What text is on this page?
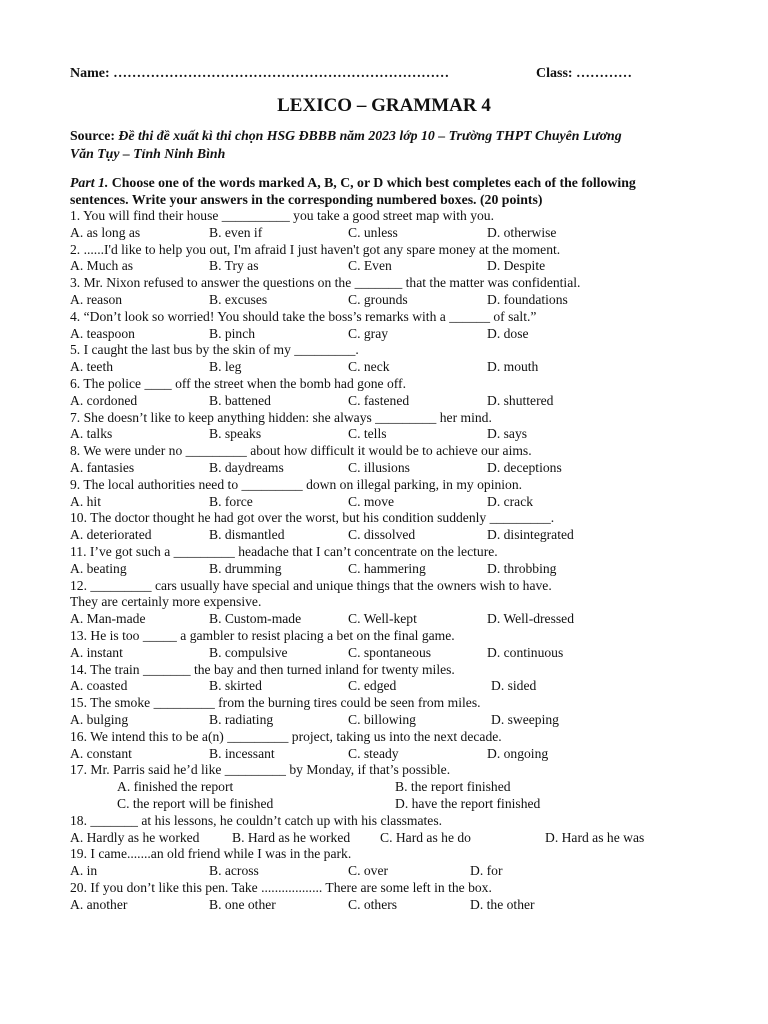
Name: ………………………………………………………………	Class: …………
LEXICO – GRAMMAR 4
Source: Đề thi đề xuất kì thi chọn HSG ĐBBB năm 2023 lớp 10 – Trường THPT Chuyên Lương
Văn Tụy – Tỉnh Ninh Bình
Part 1. Choose one of the words marked A, B, C, or D which best completes each of the following
sentences. Write your answers in the corresponding numbered boxes. (20 points)
1. You will find their house __________ you take a good street map with you.
A. as long as	B. even if	C. unless	D. otherwise
2. ......I'd like to help you out, I'm afraid I just haven't got any spare money at the moment.
A. Much as	B. Try as	C. Even	D. Despite
3. Mr. Nixon refused to answer the questions on the _______ that the matter was confidential.
A. reason	B. excuses	C. grounds	D. foundations
4. “Don’t look so worried! You should take the boss’s remarks with a ______ of salt.”
A. teaspoon	B. pinch	C. gray	D. dose
5. I caught the last bus by the skin of my _________.
A. teeth	B. leg	C. neck	D. mouth
6. The police ____ off the street when the bomb had gone off.
A. cordoned	B. battened	C. fastened	D. shuttered
7. She doesn’t like to keep anything hidden: she always _________ her mind.
A. talks	B. speaks	C. tells	D. says
8. We were under no _________ about how difficult it would be to achieve our aims.
A. fantasies	B. daydreams	C. illusions	D. deceptions
9. The local authorities need to _________ down on illegal parking, in my opinion.
A. hit	B. force	C. move	D. crack
10. The doctor thought he had got over the worst, but his condition suddenly _________.
A. deteriorated	B. dismantled	C. dissolved	D. disintegrated
11. I’ve got such a _________ headache that I can’t concentrate on the lecture.
A. beating	B. drumming	C. hammering	D. throbbing
12. _________ cars usually have special and unique things that the owners wish to have.
They are certainly more expensive.
A. Man-made	B. Custom-made	C. Well-kept	D. Well-dressed
13. He is too _____ a gambler to resist placing a bet on the final game.
A. instant	B. compulsive	C. spontaneous	D. continuous
14. The train _______ the bay and then turned inland for twenty miles.
A. coasted	B. skirted	C. edged	D. sided
15. The smoke _________ from the burning tires could be seen from miles.
A. bulging	B. radiating	C. billowing	D. sweeping
16. We intend this to be a(n) _________ project, taking us into the next decade.
A. constant	B. incessant	C. steady	D. ongoing
17. Mr. Parris said he’d like _________ by Monday, if that’s possible.
A. finished the report	B. the report finished
C. the report will be finished	D. have the report finished
18. _______ at his lessons, he couldn’t catch up with his classmates.
A. Hardly as he worked B. Hard as he worked C. Hard as he do	D. Hard as he was
19. I came.......an old friend while I was in the park.
A. in	B. across	C. over	D. for
20. If you don’t like this pen. Take .................. There are some left in the box.
A. another	B. one other	C. others	D. the other
